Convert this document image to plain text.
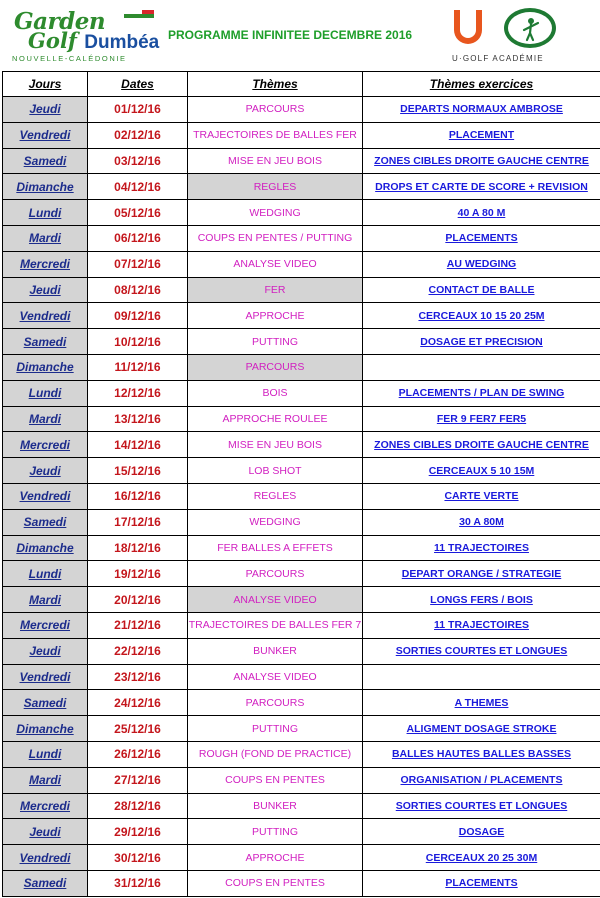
Garden
Golf Dumbéa
NOUVELLE-CALÉDONIE
PROGRAMME INFINITEE DECEMBRE 2016
U·GOLF ACADÉMIE
Jours	Dates	Thèmes	Thèmes exercices
Jeudi	01/12/16	PARCOURS	DEPARTS NORMAUX AMBROSE
Vendredi	02/12/16	TRAJECTOIRES DE BALLES FER	PLACEMENT
Samedi	03/12/16	MISE EN JEU BOIS	ZONES CIBLES DROITE GAUCHE CENTRE
Dimanche	04/12/16	REGLES	DROPS ET CARTE DE SCORE + REVISION
Lundi	05/12/16	WEDGING	40 A 80 M
Mardi	06/12/16	COUPS EN PENTES / PUTTING	PLACEMENTS
Mercredi	07/12/16	ANALYSE VIDEO	AU WEDGING
Jeudi	08/12/16	FER	CONTACT DE BALLE
Vendredi	09/12/16	APPROCHE	CERCEAUX 10 15 20 25M
Samedi	10/12/16	PUTTING	DOSAGE ET PRECISION
Dimanche	11/12/16	PARCOURS	
Lundi	12/12/16	BOIS	PLACEMENTS / PLAN DE SWING
Mardi	13/12/16	APPROCHE ROULEE	FER 9 FER7 FER5
Mercredi	14/12/16	MISE EN JEU BOIS	ZONES CIBLES DROITE GAUCHE CENTRE
Jeudi	15/12/16	LOB SHOT	CERCEAUX 5 10 15M
Vendredi	16/12/16	REGLES	CARTE VERTE
Samedi	17/12/16	WEDGING	30 A 80M
Dimanche	18/12/16	FER BALLES A EFFETS	11 TRAJECTOIRES
Lundi	19/12/16	PARCOURS	DEPART ORANGE / STRATEGIE
Mardi	20/12/16	ANALYSE VIDEO	LONGS FERS / BOIS
Mercredi	21/12/16	TRAJECTOIRES DE BALLES FER 7	11 TRAJECTOIRES
Jeudi	22/12/16	BUNKER	SORTIES COURTES ET LONGUES
Vendredi	23/12/16	ANALYSE VIDEO	
Samedi	24/12/16	PARCOURS	A THEMES
Dimanche	25/12/16	PUTTING	ALIGMENT DOSAGE STROKE
Lundi	26/12/16	ROUGH (FOND DE PRACTICE)	BALLES HAUTES BALLES BASSES
Mardi	27/12/16	COUPS EN PENTES	ORGANISATION / PLACEMENTS
Mercredi	28/12/16	BUNKER	SORTIES COURTES ET LONGUES
Jeudi	29/12/16	PUTTING	DOSAGE
Vendredi	30/12/16	APPROCHE	CERCEAUX 20 25 30M
Samedi	31/12/16	COUPS EN PENTES	PLACEMENTS
